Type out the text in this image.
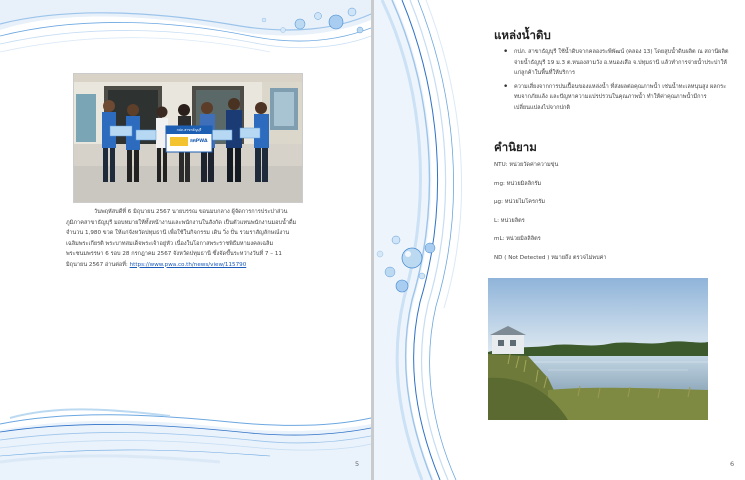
กปภ.สาขาธัญบุรี
ลดPWA
วันพฤหัสบดีที่ 6 มิถุนายน 2567 นายบรรณ ขอนมบกลาง ผู้จัดการการประปาส่วนภูมิภาคสาขาธัญบุรี มอบหมายให้ทั้งหน้างานและพนักงานในสังกัด เป็นตัวแทนพนักงานมอบน้ำดื่มจำนวน 1,980 ขวด ให้แก่จังหวัดปทุมธานี เพื่อใช้ในกิจกรรม เดิน วิ่ง ปั่น รวมราสัญลักษณ์งานเฉลิมพระเกียรติ พระบาทสมเด็จพระเจ้าอยู่หัว เนื่องในโอกาสพระราชพิธีมหามงคลเฉลิมพระชนมพรรษา 6 รอบ 28 กรกฎาคม 2567 จังหวัดปทุมธานี ซึ่งจัดขึ้นระหว่างวันที่ 7 – 11 มิถุนายน 2567 อ่านต่อที่: https://www.pwa.co.th/news/view/115790
5
แหล่งน้ำดิบ
• กปภ. สาขาธัญบุรี ใช้น้ำดิบจากคลองระพีพัฒน์ (คลอง 13) โดยสูบน้ำดิบผลิต ณ สถานีผลิตจ่ายน้ำธัญบุรี 19 ม.3 ต.หนองสามวัง อ.หนองเสือ จ.ปทุมธานี แล้วทำการจ่ายน้ำประปาให้แก่ลูกค้าในพื้นที่ให้บริการ
• ความเสี่ยงจากการปนเปื้อนของแหล่งน้ำ ที่ส่งผลต่อคุณภาพน้ำ เช่นน้ำทะเลหนุนสูง ผลกระทบจากภัยแล้ง และปัญหาความแปรปรวนในคุณภาพน้ำ ทำให้ค่าคุณภาพน้ำมีการเปลี่ยนแปลงไปจากปกติ
คำนิยาม
NTU: หน่วยวัดค่าความขุ่น
mg: หน่วยมิลลิกรัม
µg: หน่วยไมโครกรัม
L: หน่วยลิตร
mL: หน่วยมิลลิลิตร
ND ( Not Detected ) หมายถึง ตรวจไม่พบค่า
6
